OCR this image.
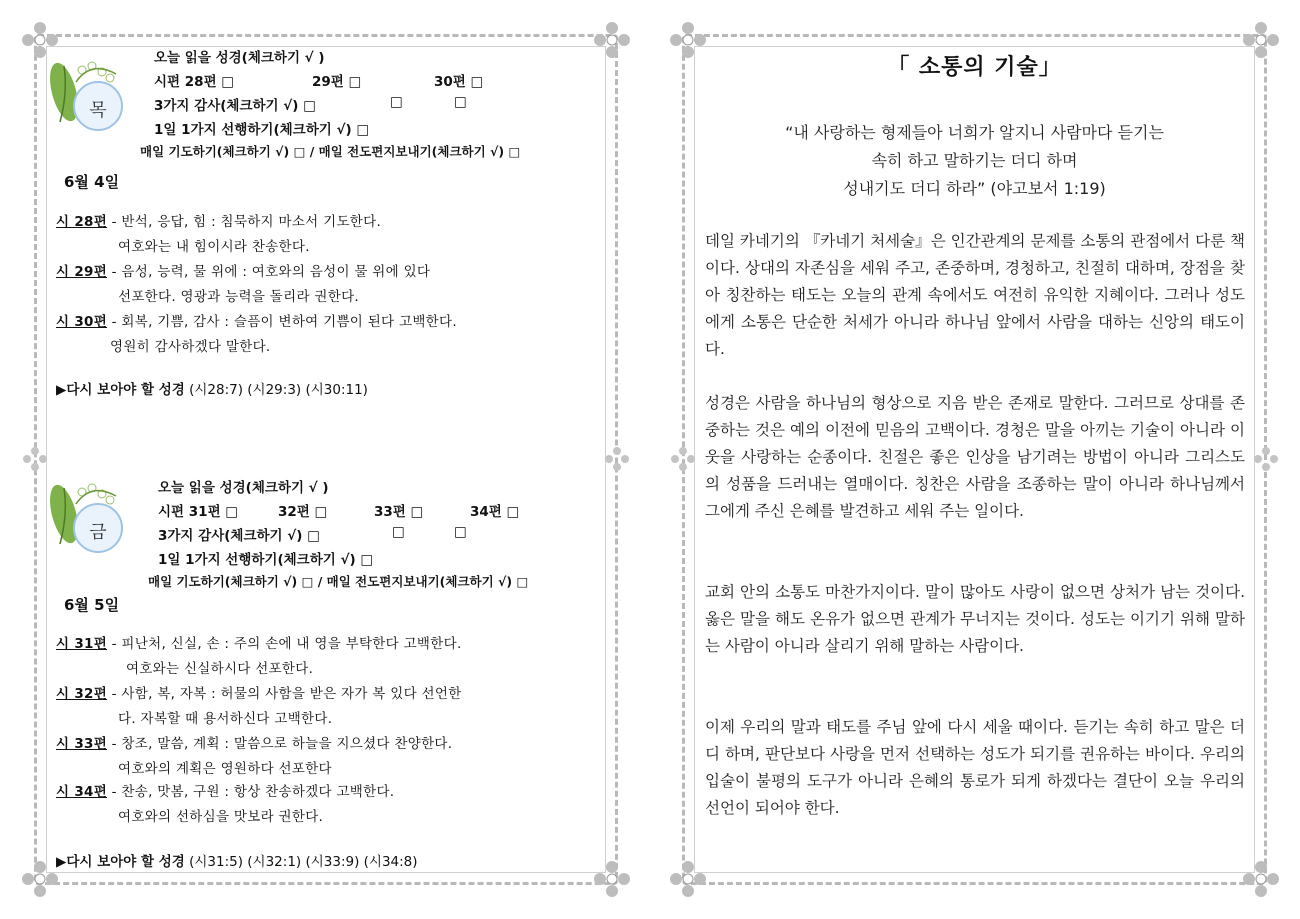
목
오늘 읽을 성경(체크하기 √ )
시편 28편 □	29편 □	30편 □
3가지 감사(체크하기 √) □	□	□
1일 1가지 선행하기(체크하기 √) □
매일 기도하기(체크하기 √) □ / 매일 전도편지보내기(체크하기 √) □
6월 4일
시 28편 - 반석, 응답, 힘 : 침묵하지 마소서 기도한다.
여호와는 내 힘이시라 찬송한다.
시 29편 - 음성, 능력, 물 위에 : 여호와의 음성이 물 위에 있다
선포한다. 영광과 능력을 돌리라 권한다.
시 30편 - 회복, 기쁨, 감사 : 슬픔이 변하여 기쁨이 된다 고백한다.
영원히 감사하겠다 말한다.
▶다시 보아야 할 성경 (시28:7) (시29:3) (시30:11)
금
오늘 읽을 성경(체크하기 √ )
시편 31편 □	32편 □	33편 □	34편 □
3가지 감사(체크하기 √) □	□	□
1일 1가지 선행하기(체크하기 √) □
매일 기도하기(체크하기 √) □ / 매일 전도편지보내기(체크하기 √) □
6월 5일
시 31편 - 피난처, 신실, 손 : 주의 손에 내 영을 부탁한다 고백한다.
여호와는 신실하시다 선포한다.
시 32편 - 사함, 복, 자복 : 허물의 사함을 받은 자가 복 있다 선언한
다. 자복할 때 용서하신다 고백한다.
시 33편 - 창조, 말씀, 계획 : 말씀으로 하늘을 지으셨다 찬양한다.
여호와의 계획은 영원하다 선포한다
시 34편 - 찬송, 맛봄, 구원 : 항상 찬송하겠다 고백한다.
여호와의 선하심을 맛보라 권한다.
▶다시 보아야 할 성경 (시31:5) (시32:1) (시33:9) (시34:8)
「 소통의 기술」
“내 사랑하는 형제들아 너희가 알지니 사람마다 듣기는
속히 하고 말하기는 더디 하며
성내기도 더디 하라” (야고보서 1:19)
데일 카네기의 『카네기 처세술』은 인간관계의 문제를 소통의 관점에서 다룬 책이다. 상대의 자존심을 세워 주고, 존중하며, 경청하고, 친절히 대하며, 장점을 찾아 칭찬하는 태도는 오늘의 관계 속에서도 여전히 유익한 지혜이다. 그러나 성도에게 소통은 단순한 처세가 아니라 하나님 앞에서 사람을 대하는 신앙의 태도이다.
성경은 사람을 하나님의 형상으로 지음 받은 존재로 말한다. 그러므로 상대를 존중하는 것은 예의 이전에 믿음의 고백이다. 경청은 말을 아끼는 기술이 아니라 이웃을 사랑하는 순종이다. 친절은 좋은 인상을 남기려는 방법이 아니라 그리스도의 성품을 드러내는 열매이다. 칭찬은 사람을 조종하는 말이 아니라 하나님께서 그에게 주신 은혜를 발견하고 세워 주는 일이다.
교회 안의 소통도 마찬가지이다. 말이 많아도 사랑이 없으면 상처가 남는 것이다. 옳은 말을 해도 온유가 없으면 관계가 무너지는 것이다. 성도는 이기기 위해 말하는 사람이 아니라 살리기 위해 말하는 사람이다.
이제 우리의 말과 태도를 주님 앞에 다시 세울 때이다. 듣기는 속히 하고 말은 더디 하며, 판단보다 사랑을 먼저 선택하는 성도가 되기를 권유하는 바이다. 우리의 입술이 불평의 도구가 아니라 은혜의 통로가 되게 하겠다는 결단이 오늘 우리의 선언이 되어야 한다.
